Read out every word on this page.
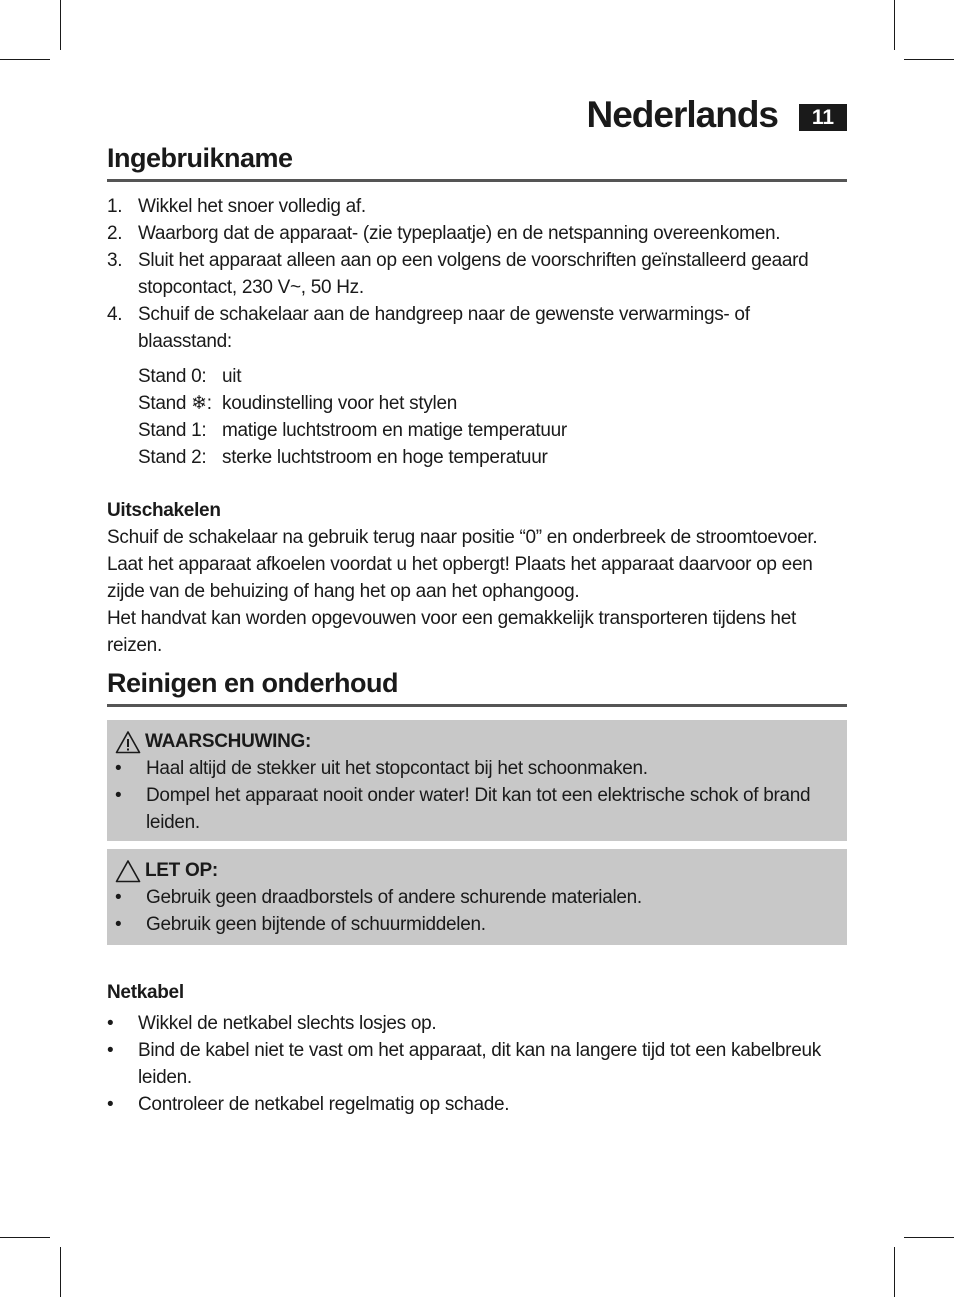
Nederlands	11
Ingebruikname
1. Wikkel het snoer volledig af.
2. Waarborg dat de apparaat- (zie typeplaatje) en de netspanning overeenkomen.
3. Sluit het apparaat alleen aan op een volgens de voorschriften geïnstalleerd geaard
stopcontact, 230 V~, 50 Hz.
4. Schuif de schakelaar aan de handgreep naar de gewenste verwarmings- of blaasstand:
Stand 0: uit
Stand ❄: koudinstelling voor het stylen
Stand 1: matige luchtstroom en matige temperatuur
Stand 2: sterke luchtstroom en hoge temperatuur
Uitschakelen
Schuif de schakelaar na gebruik terug naar positie “0” en onderbreek de stroomtoevoer.
Laat het apparaat afkoelen voordat u het opbergt! Plaats het apparaat daarvoor op een
zijde van de behuizing of hang het op aan het ophangoog.
Het handvat kan worden opgevouwen voor een gemakkelijk transporteren tijdens het
reizen.
Reinigen en onderhoud
WAARSCHUWING:
•	Haal altijd de stekker uit het stopcontact bij het schoonmaken.
•	Dompel het apparaat nooit onder water! Dit kan tot een elektrische schok of brand
leiden.
LET OP:
•	Gebruik geen draadborstels of andere schurende materialen.
•	Gebruik geen bijtende of schuurmiddelen.
Netkabel
•	Wikkel de netkabel slechts losjes op.
•	Bind de kabel niet te vast om het apparaat, dit kan na langere tijd tot een kabelbreuk
leiden.
•	Controleer de netkabel regelmatig op schade.
